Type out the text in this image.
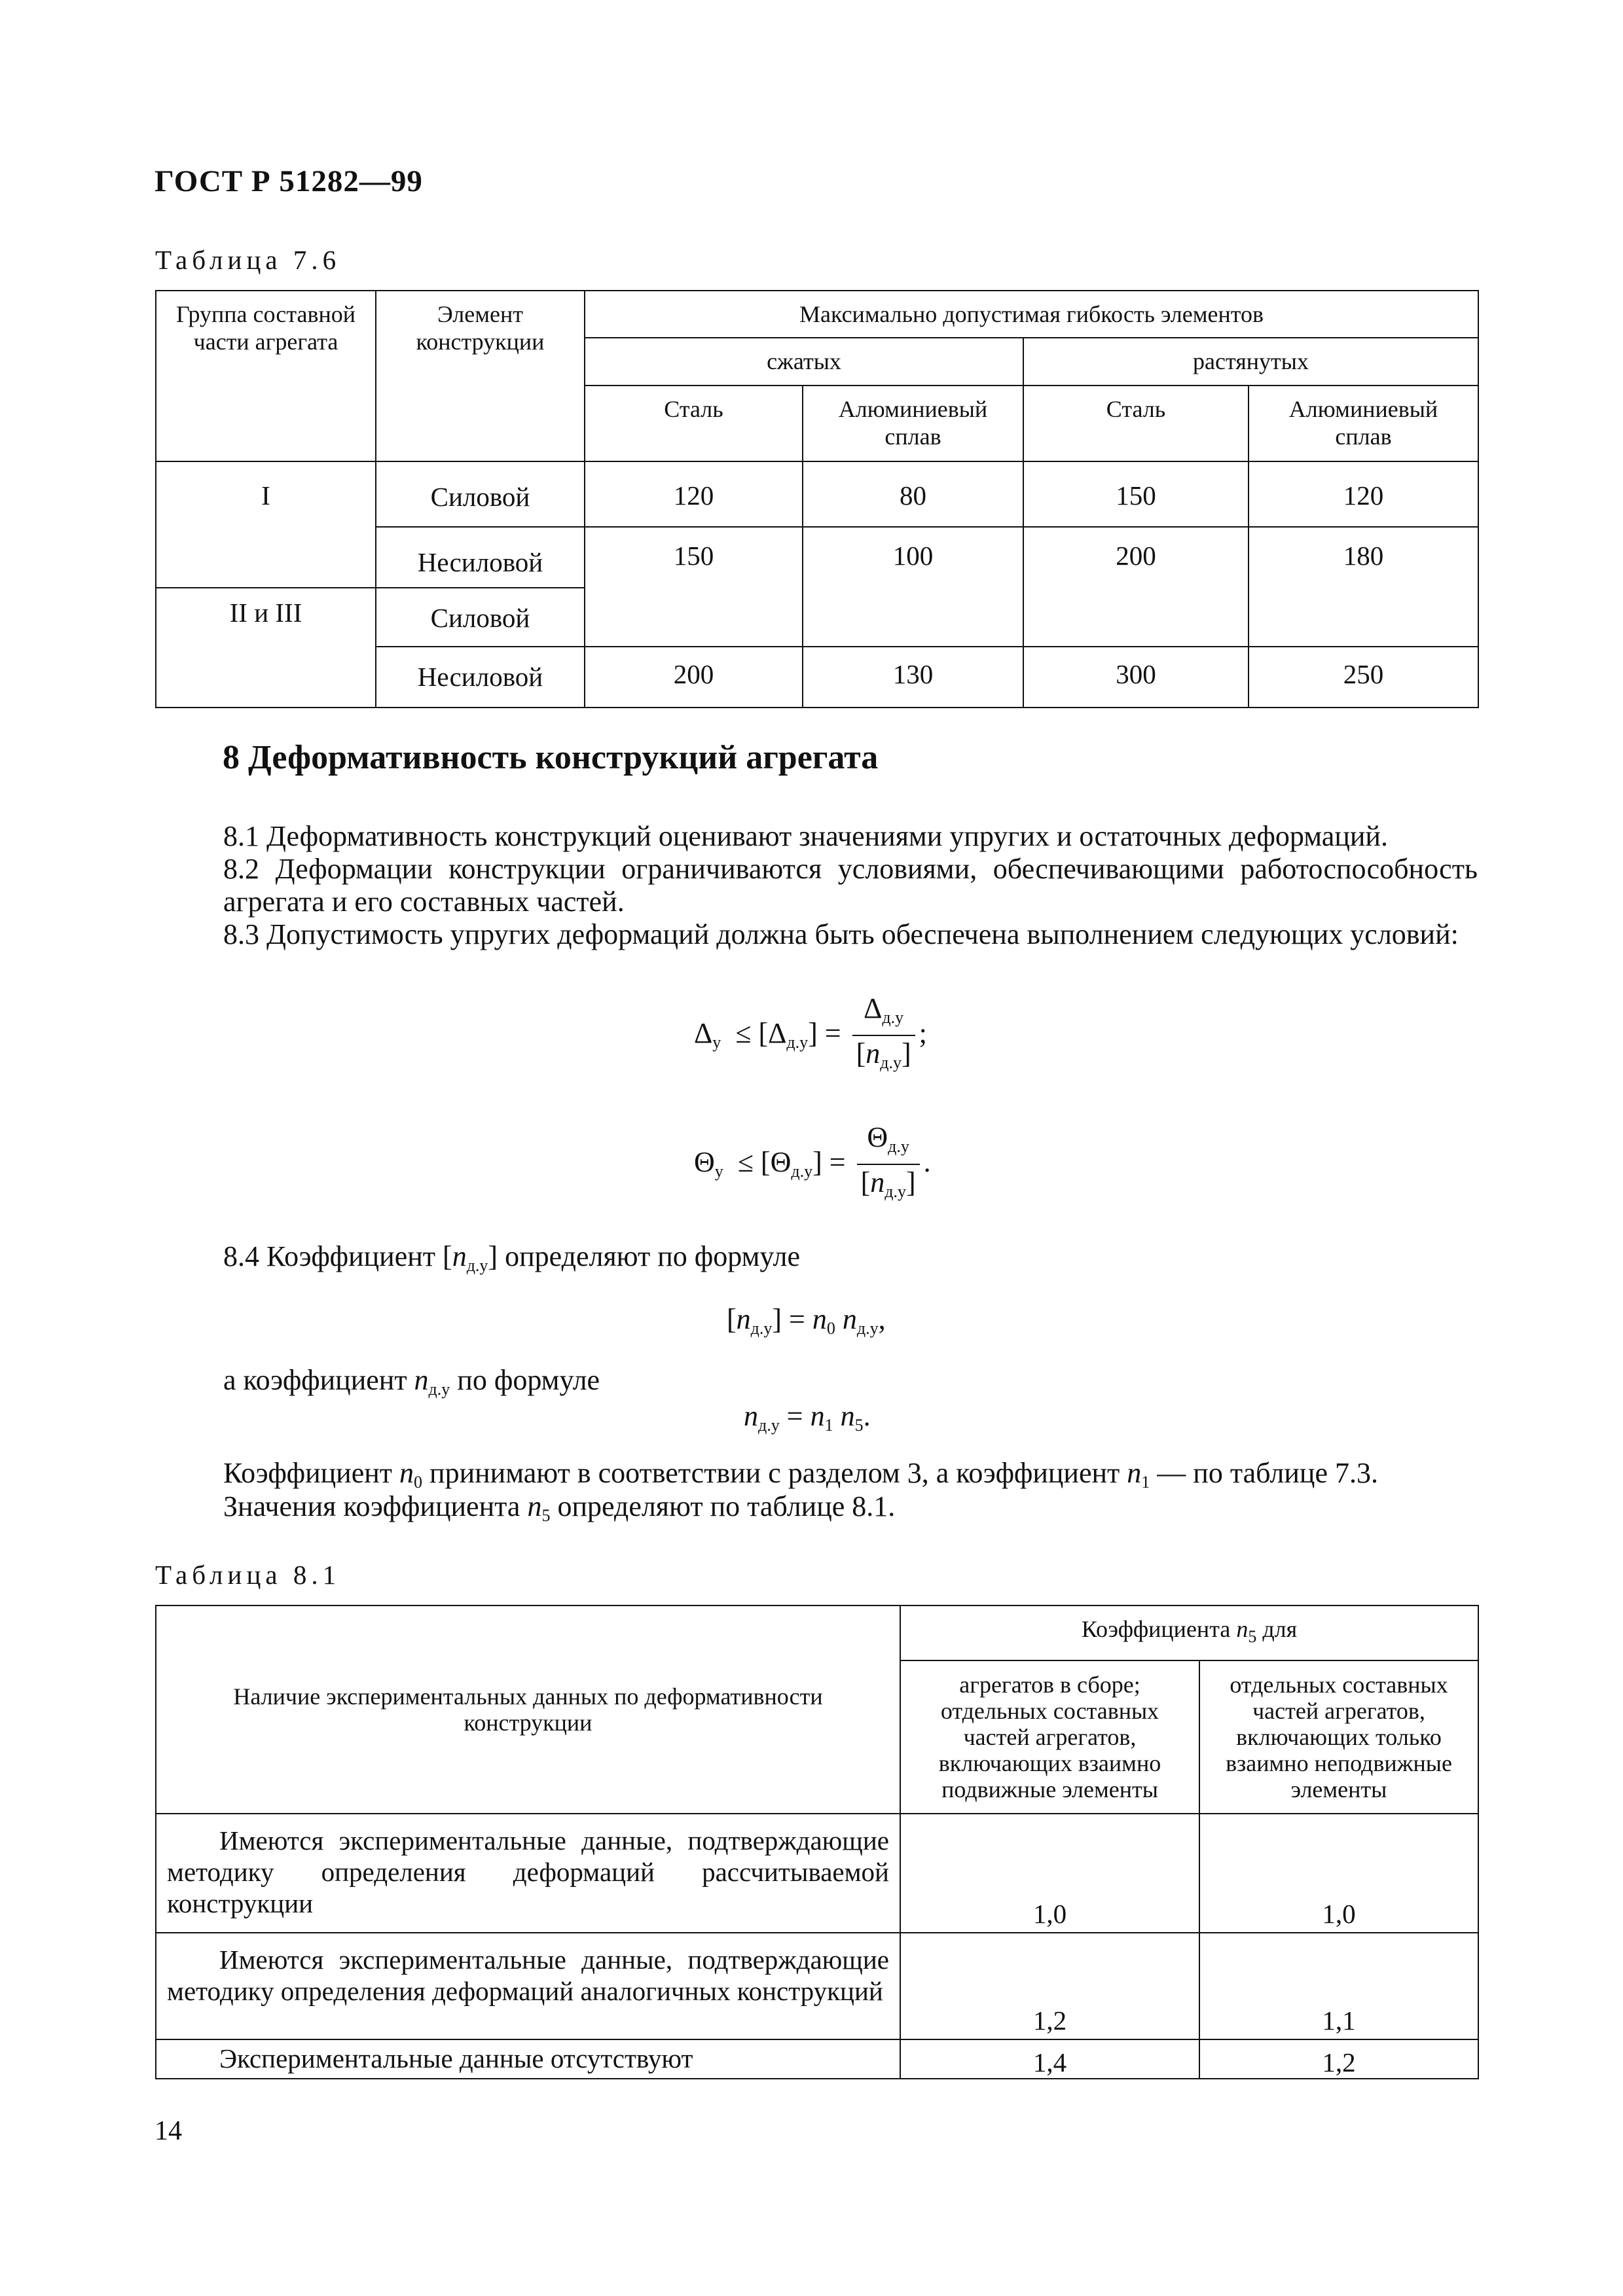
ГОСТ Р 51282—99
Таблица 7.6
Группа составной части агрегата	Элемент конструкции	Максимально допустимая гибкость элементов			
		сжатых		растянутых	
		Сталь	Алюминиевый сплав	Сталь	Алюминиевый сплав
I	Силовой	120	80	150	120
	Несиловой	150	100	200	180
II и III	Силовой				
	Несиловой	200	130	300	250
8 Деформативность конструкций агрегата
8.1 Деформативность конструкций оценивают значениями упругих и остаточных деформаций.
8.2 Деформации конструкции ограничиваются условиями, обеспечивающими работоспособность агрегата и его составных частей.
8.3 Допустимость упругих деформаций должна быть обеспечена выполнением следующих условий:
$\Delta_у \le [\Delta_{д.у}] = \frac{\Delta_{д.у}}{[n_{д.у}]}$ ;
$\Theta_у \le [\Theta_{д.у}] = \frac{\Theta_{д.у}}{[n_{д.у}]}$ .
8.4 Коэффициент $[n_{д.у}]$ определяют по формуле
$[n_{д.у}] = n_0$ $n_{д.у}$,
а коэффициент $n_{д.у}$ по формуле
$n_{д.у} = n_1$ $n_5$.
Коэффициент $n_0$ принимают в соответствии с разделом 3, а коэффициент $n_1$ — по таблице 7.3.
Значения коэффициента $n_5$ определяют по таблице 8.1.
Таблица 8.1
Наличие экспериментальных данных по деформативности конструкции	Коэффициента $n_5$ для	
	агрегатов в сборе; отдельных составных частей агрегатов, включающих взаимно подвижные элементы	отдельных составных частей агрегатов, включающих только взаимно неподвижные элементы

Имеются экспериментальные данные, подтверждающие методику определения деформаций рассчитываемой конструкции	1,0	1,0

Имеются экспериментальные данные, подтверждающие методику определения деформаций аналогичных конструкций	1,2	1,1

Экспериментальные данные отсутствуют	1,4	1,2
14
